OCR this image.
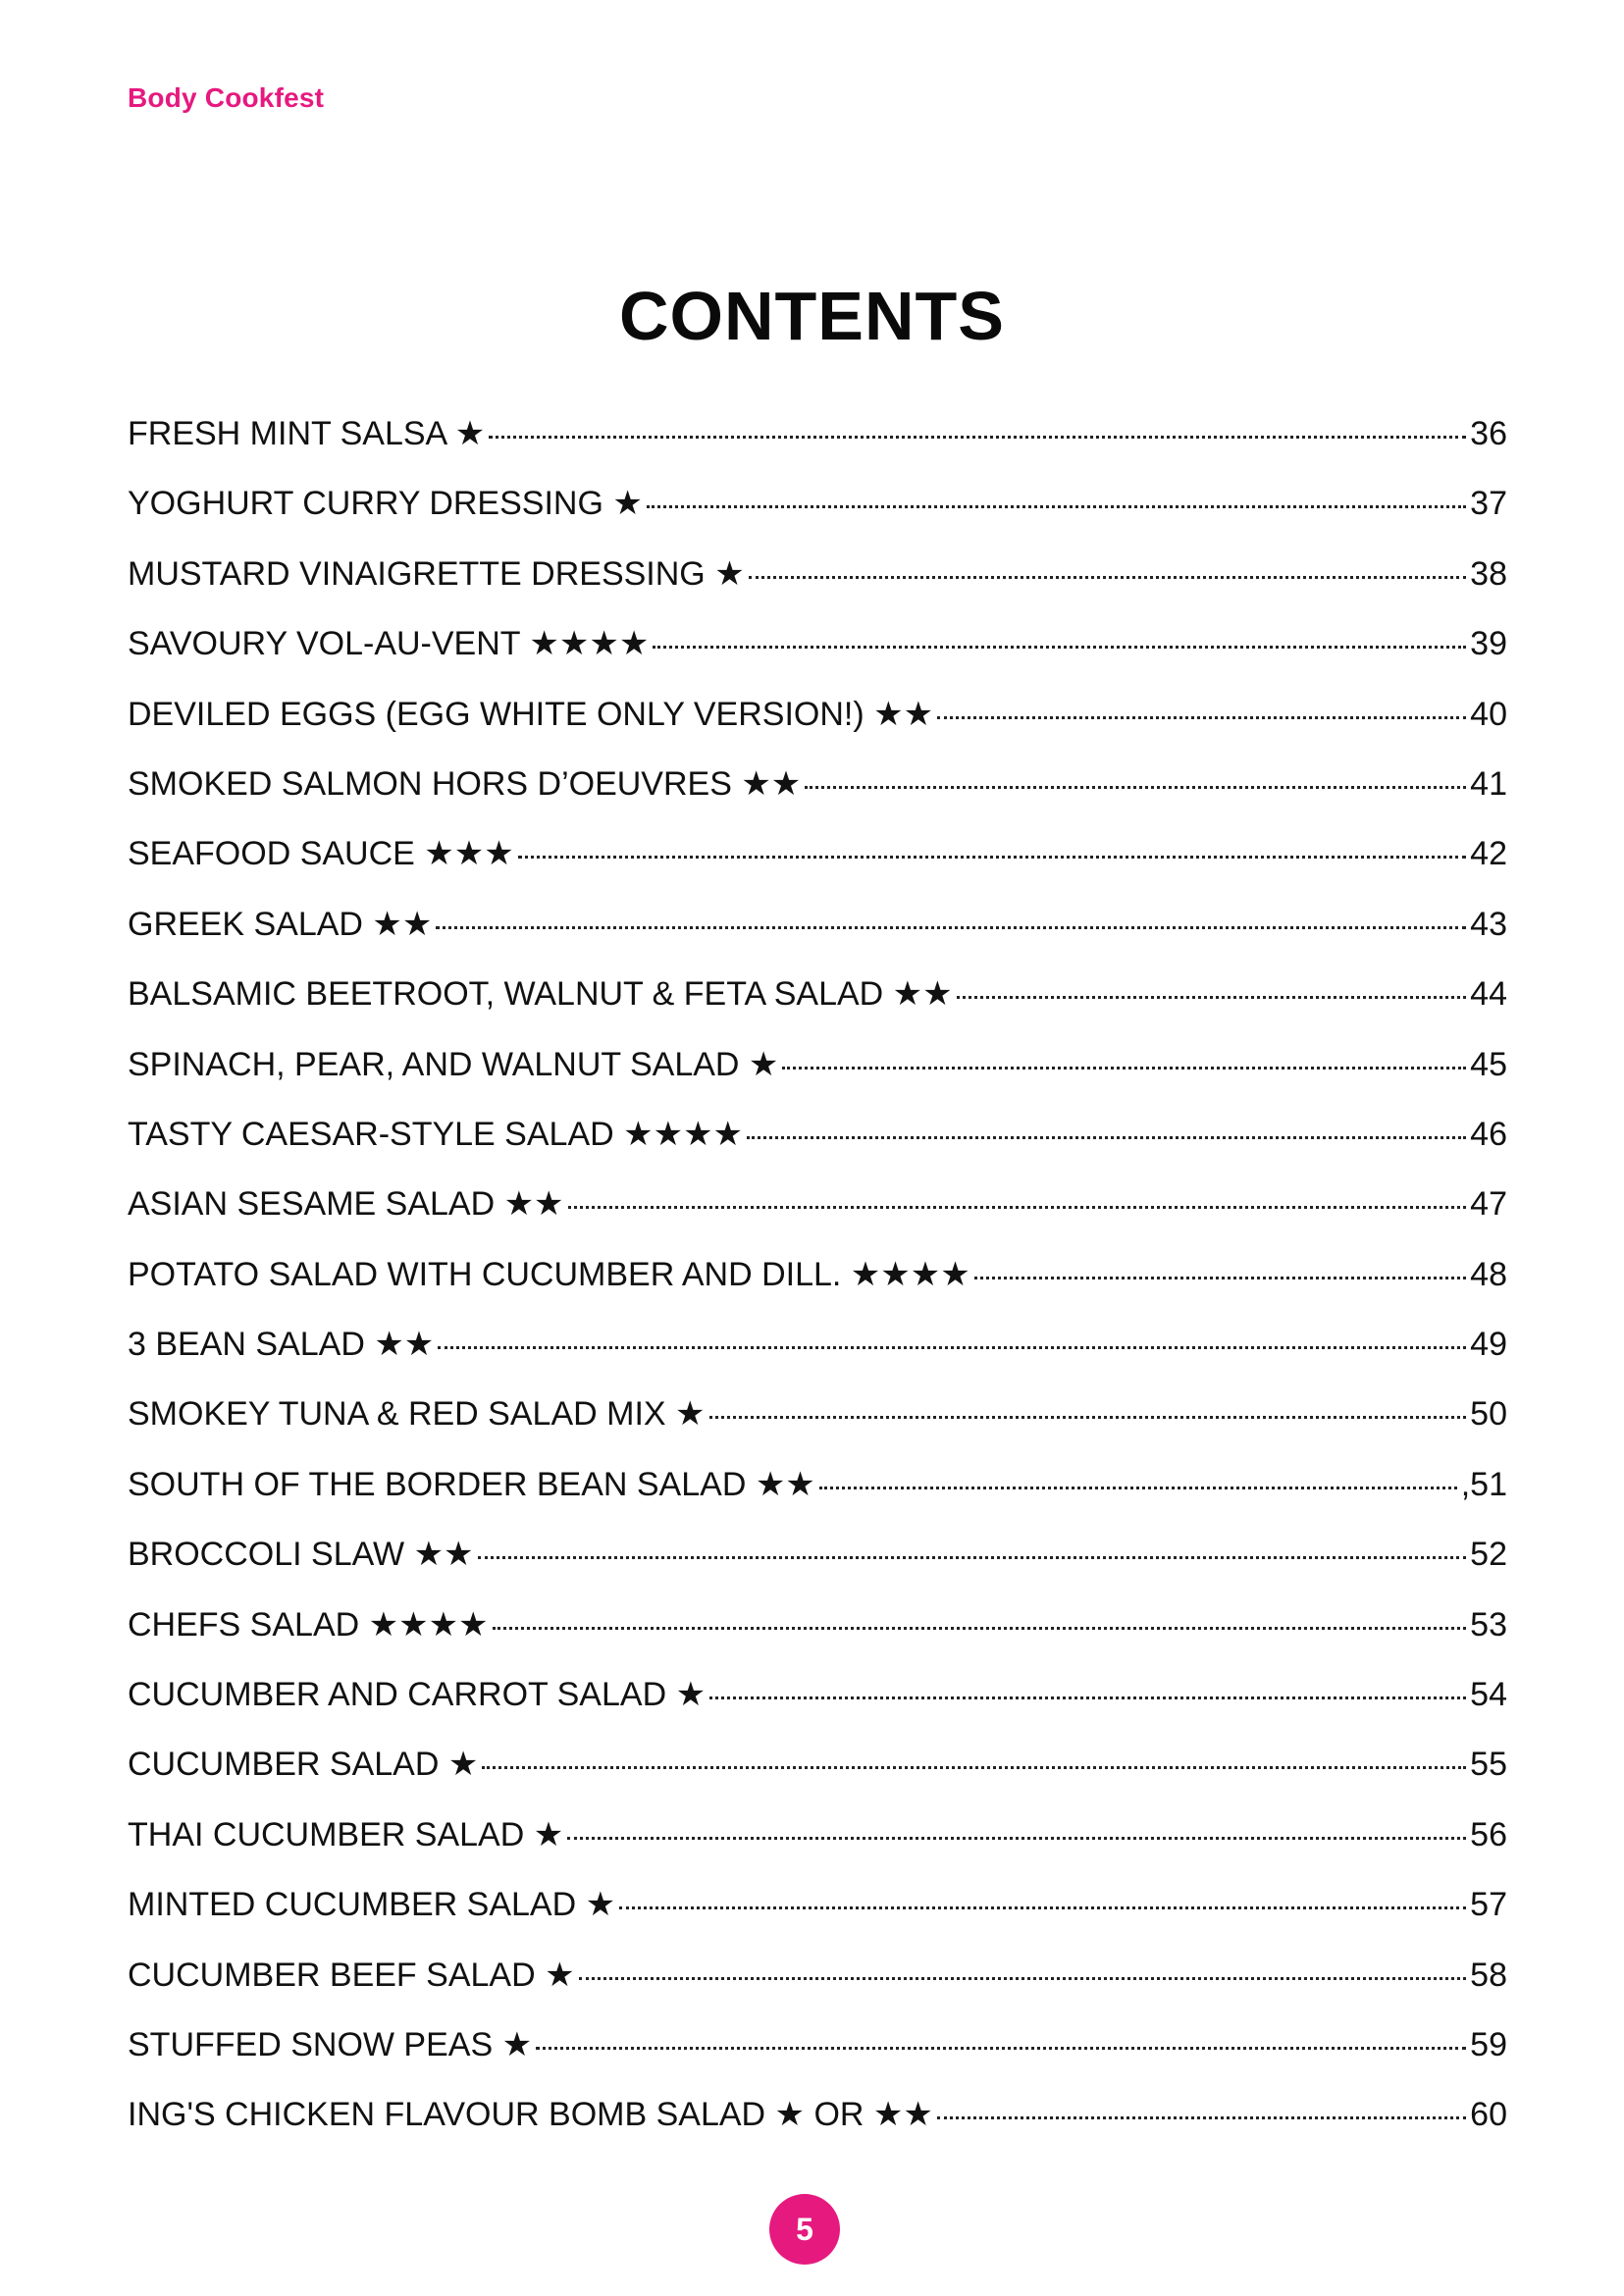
Body Cookfest
CONTENTS
FRESH MINT SALSA ★	36
YOGHURT CURRY DRESSING ★	37
MUSTARD VINAIGRETTE DRESSING ★	38
SAVOURY VOL-AU-VENT ★★★★	39
DEVILED EGGS (EGG WHITE ONLY VERSION!) ★★	40
SMOKED SALMON HORS D’OEUVRES ★★	41
SEAFOOD SAUCE ★★★	42
GREEK SALAD ★★	43
BALSAMIC BEETROOT, WALNUT & FETA SALAD ★★	44
SPINACH, PEAR, AND WALNUT SALAD ★	45
TASTY CAESAR-STYLE SALAD ★★★★	46
ASIAN SESAME SALAD ★★	47
POTATO SALAD WITH CUCUMBER AND DILL. ★★★★	48
3 BEAN SALAD ★★	49
SMOKEY TUNA & RED SALAD MIX ★	50
SOUTH OF THE BORDER BEAN SALAD ★★	,51
BROCCOLI SLAW ★★	52
CHEFS SALAD ★★★★	53
CUCUMBER AND CARROT SALAD ★	54
CUCUMBER SALAD ★	55
THAI CUCUMBER SALAD ★	56
MINTED CUCUMBER SALAD ★	57
CUCUMBER BEEF SALAD ★	58
STUFFED SNOW PEAS ★	59
ING'S CHICKEN FLAVOUR BOMB SALAD ★ OR ★★	60
5
